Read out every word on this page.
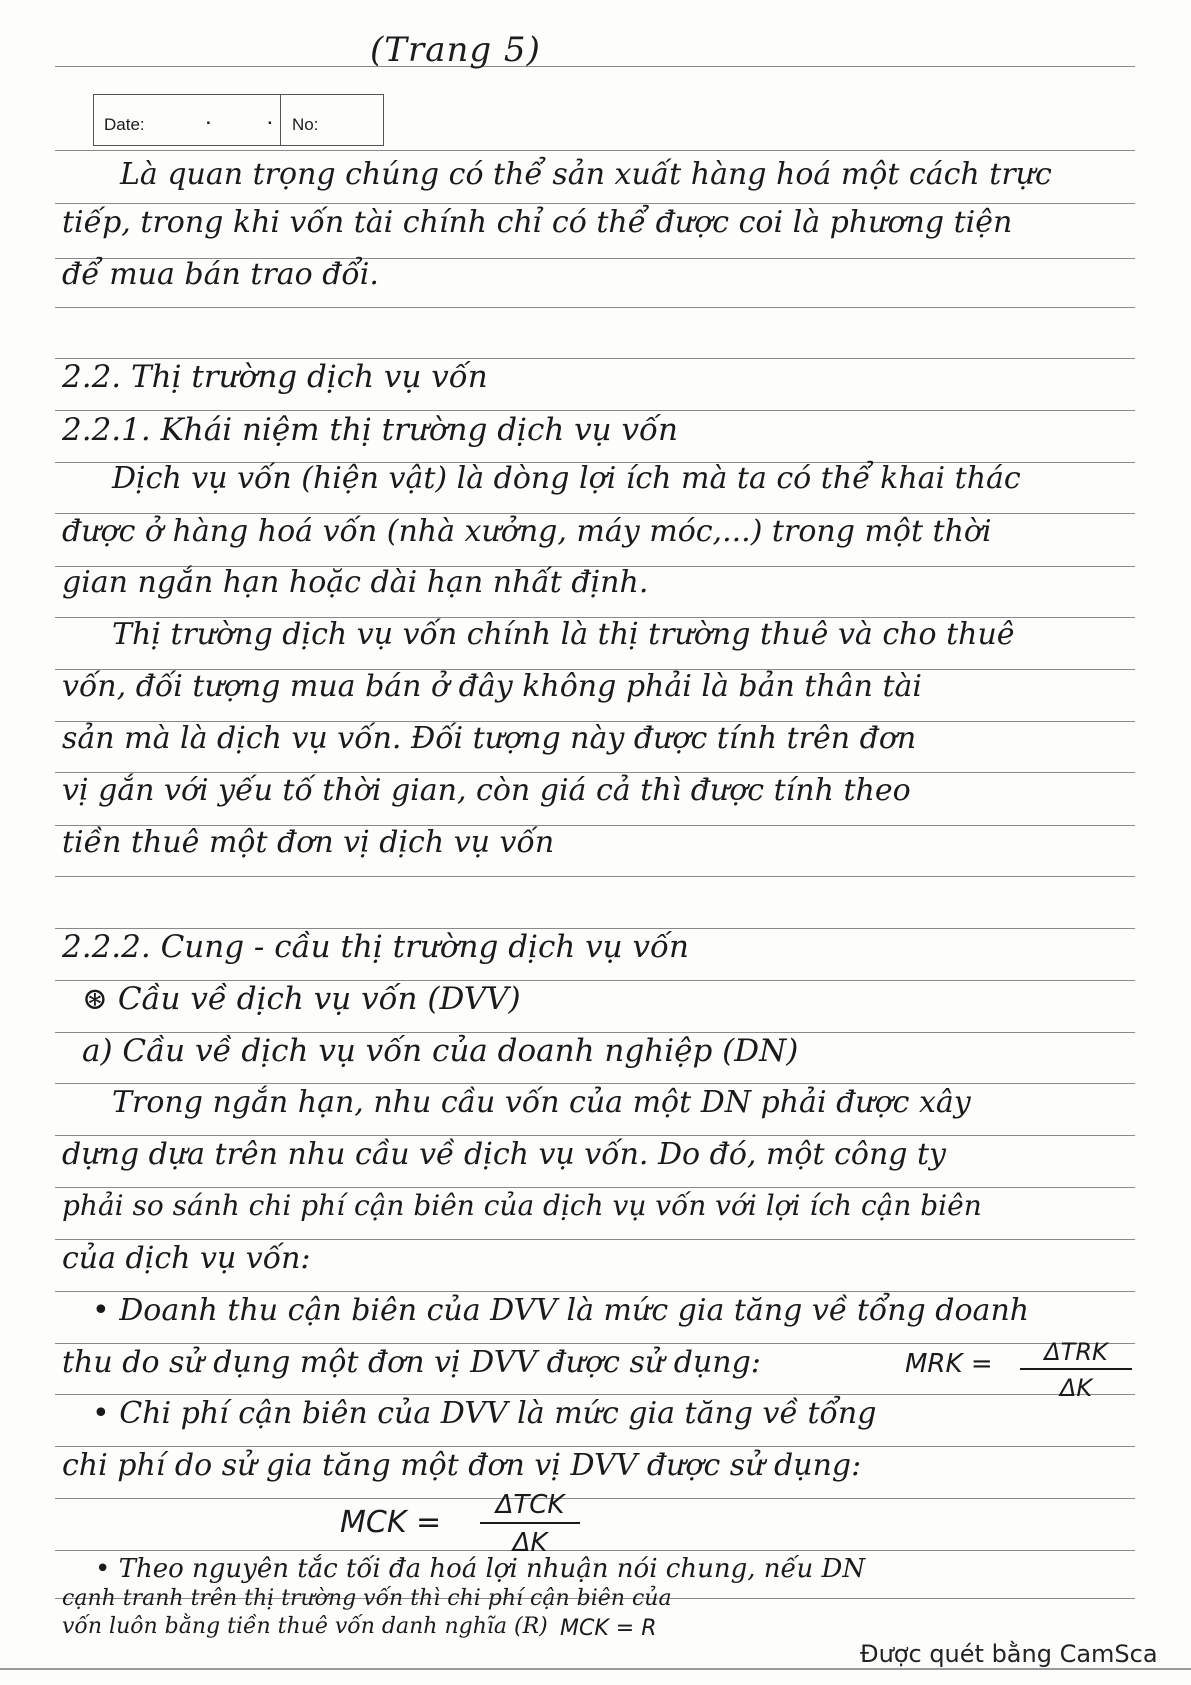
(Trang 5)
Date:	. .
No:
Là quan trọng chúng có thể sản xuất hàng hoá một cách trực
tiếp, trong khi vốn tài chính chỉ có thể được coi là phương tiện
để mua bán trao đổi.
2.2. Thị trường dịch vụ vốn
2.2.1. Khái niệm thị trường dịch vụ vốn
Dịch vụ vốn (hiện vật) là dòng lợi ích mà ta có thể khai thác
được ở hàng hoá vốn (nhà xưởng, máy móc,...) trong một thời
gian ngắn hạn hoặc dài hạn nhất định.
Thị trường dịch vụ vốn chính là thị trường thuê và cho thuê
vốn, đối tượng mua bán ở đây không phải là bản thân tài
sản mà là dịch vụ vốn. Đối tượng này được tính trên đơn
vị gắn với yếu tố thời gian, còn giá cả thì được tính theo
tiền thuê một đơn vị dịch vụ vốn
2.2.2. Cung - cầu thị trường dịch vụ vốn
⊛ Cầu về dịch vụ vốn (DVV)
a) Cầu về dịch vụ vốn của doanh nghiệp (DN)
Trong ngắn hạn, nhu cầu vốn của một DN phải được xây
dựng dựa trên nhu cầu về dịch vụ vốn. Do đó, một công ty
phải so sánh chi phí cận biên của dịch vụ vốn với lợi ích cận biên
của dịch vụ vốn:
• Doanh thu cận biên của DVV là mức gia tăng về tổng doanh
thu do sử dụng một đơn vị DVV được sử dụng:	MRK =	ΔTRK
ΔK
• Chi phí cận biên của DVV là mức gia tăng về tổng
chi phí do sử gia tăng một đơn vị DVV được sử dụng:
MCK =	ΔTCK
ΔK
• Theo nguyên tắc tối đa hoá lợi nhuận nói chung, nếu DN
Được quét bằng CamSca
cạnh tranh trên thị trường vốn thì chi phí cận biên của
vốn luôn bằng tiền thuê vốn danh nghĩa (R) MCK = R
